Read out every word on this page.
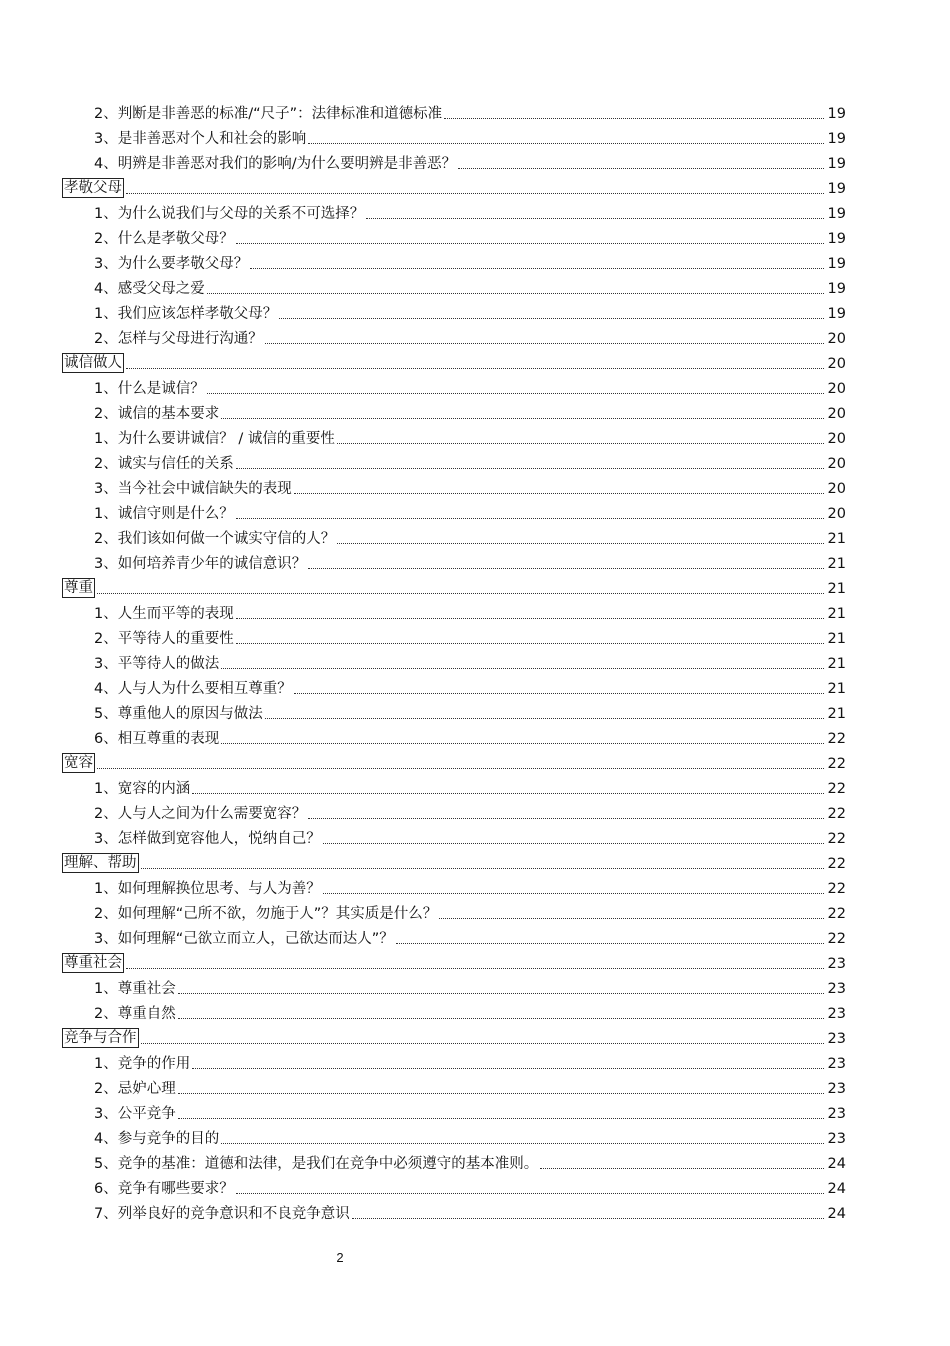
2、判断是非善恶的标准/“尺子”：法律标准和道德标准	19
3、是非善恶对个人和社会的影响	19
4、明辨是非善恶对我们的影响/为什么要明辨是非善恶？	19
孝敬父母	19
1、为什么说我们与父母的关系不可选择？	19
2、什么是孝敬父母？	19
3、为什么要孝敬父母？	19
4、感受父母之爱	19
1、我们应该怎样孝敬父母？	19
2、怎样与父母进行沟通？	20
诚信做人	20
1、什么是诚信？	20
2、诚信的基本要求	20
1、为什么要讲诚信？ / 诚信的重要性	20
2、诚实与信任的关系	20
3、当今社会中诚信缺失的表现	20
1、诚信守则是什么？	20
2、我们该如何做一个诚实守信的人？	21
3、如何培养青少年的诚信意识？	21
尊重	21
1、人生而平等的表现	21
2、平等待人的重要性	21
3、平等待人的做法	21
4、人与人为什么要相互尊重？	21
5、尊重他人的原因与做法	21
6、相互尊重的表现	22
宽容	22
1、宽容的内涵	22
2、人与人之间为什么需要宽容？	22
3、怎样做到宽容他人，悦纳自己？	22
理解、帮助	22
1、如何理解换位思考、与人为善？	22
2、如何理解“己所不欲，勿施于人”？其实质是什么？	22
3、如何理解“己欲立而立人，己欲达而达人”？	22
尊重社会	23
1、尊重社会	23
2、尊重自然	23
竞争与合作	23
1、竞争的作用	23
2、忌妒心理	23
3、公平竞争	23
4、参与竞争的目的	23
5、竞争的基准：道德和法律，是我们在竞争中必须遵守的基本准则。	24
6、竞争有哪些要求？	24
7、列举良好的竞争意识和不良竞争意识	24
2
